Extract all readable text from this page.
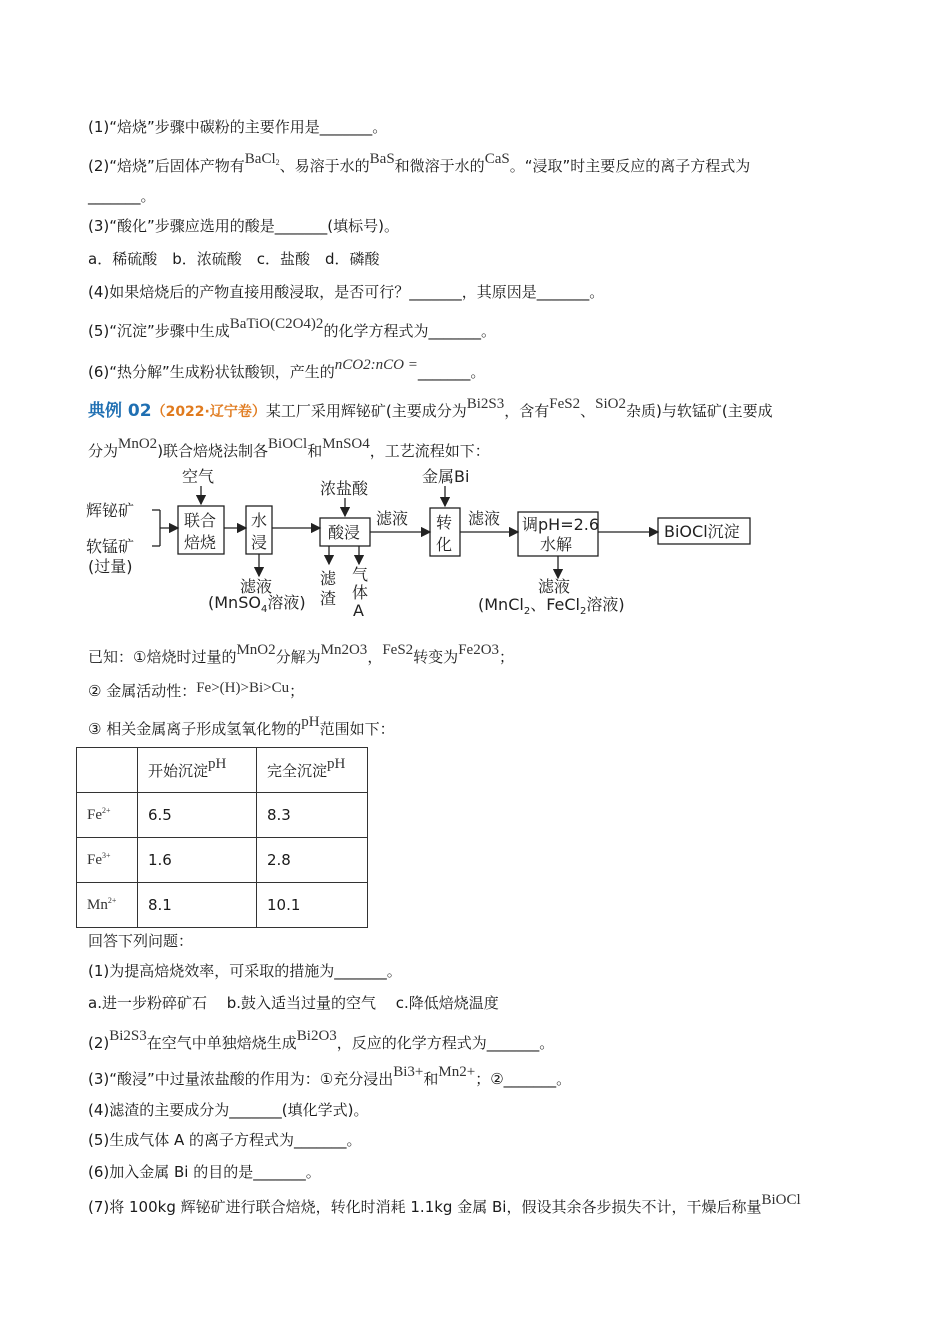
(1)“焙烧”步骤中碳粉的主要作用是_______。
(2)“焙烧”后固体产物有BaCl$_2$、易溶于水的BaS和微溶于水的CaS。“浸取”时主要反应的离子方程式为
_______。
(3)“酸化”步骤应选用的酸是_______(填标号)。
a．稀硫酸　b．浓硫酸　c．盐酸　d．磷酸
(4)如果焙烧后的产物直接用酸浸取，是否可行？_______，其原因是_______。
(5)“沉淀”步骤中生成BaTiO(C2O4)2的化学方程式为_______。
(6)“热分解”生成粉状钛酸钡，产生的nCO2:nCO =_______。
典例 02（2022·辽宁卷）某工厂采用辉铋矿(主要成分为Bi2S3，含有FeS2、SiO2杂质)与软锰矿(主要成
分为MnO2)联合焙烧法制各BiOCl和MnSO4，工艺流程如下：
辉铋矿
软锰矿
(过量)
空气
联合
焙烧
水
浸
滤液
(MnSO$_4$溶液)
浓盐酸
酸浸
滤液
滤
渣
气
体
A
金属Bi
转
化
滤液 调pH=2.6
水解
滤液
(MnCl$_2$、FeCl$_2$溶液)
BiOCl沉淀
已知：①焙烧时过量的MnO2分解为Mn2O3，FeS2转变为Fe2O3；
② 金属活动性：Fe>(H)>Bi>Cu；
③ 相关金属离子形成氢氧化物的pH范围如下：
	开始沉淀pH	完全沉淀pH
$Fe^{2+}$	6.5	8.3
$Fe^{3+}$	1.6	2.8
$Mn^{2+}$	8.1	10.1
回答下列问题：
(1)为提高焙烧效率，可采取的措施为_______。
a.进一步粉碎矿石　 b.鼓入适当过量的空气　 c.降低焙烧温度
(2)Bi2S3在空气中单独焙烧生成Bi2O3，反应的化学方程式为_______。
(3)“酸浸”中过量浓盐酸的作用为：①充分浸出Bi3+和Mn2+；②_______。
(4)滤渣的主要成分为_______(填化学式)。
(5)生成气体 A 的离子方程式为_______。
(6)加入金属 Bi 的目的是_______。
(7)将 100kg 辉铋矿进行联合焙烧，转化时消耗 1.1kg 金属 Bi，假设其余各步损失不计，干燥后称量BiOCl
